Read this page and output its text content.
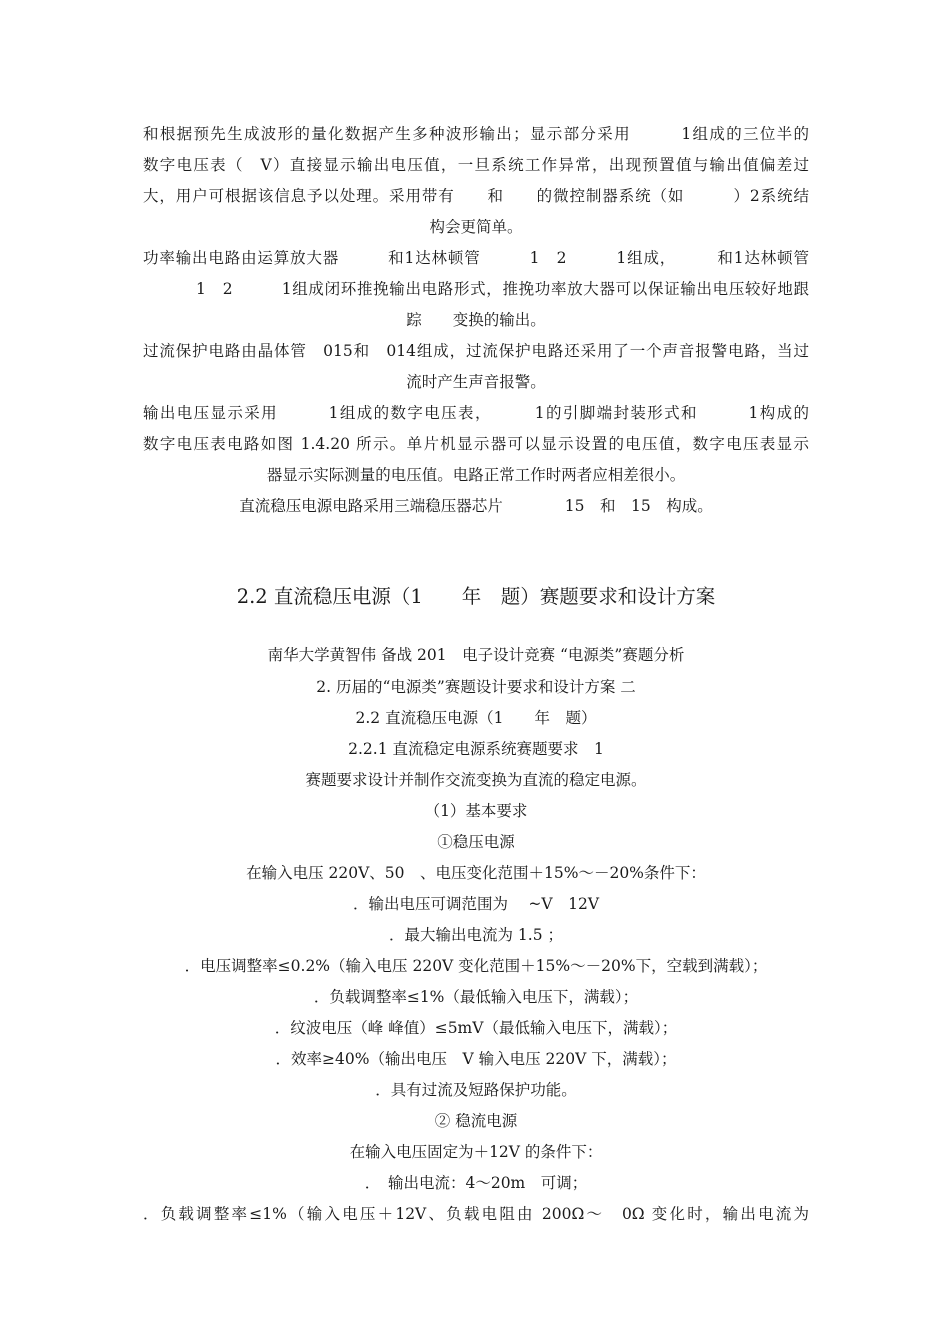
和根据预先生成波形的量化数据产生多种波形输出；显示部分采用　　　1组成的三位半的
数字电压表（　V）直接显示输出电压值，一旦系统工作异常，出现预置值与输出值偏差过
大，用户可根据该信息予以处理。采用带有　　和　　的微控制器系统（如　　　）2系统结
构会更简单。
功率输出电路由运算放大器　　　和1达林顿管　　　1　2　　　1组成，　　　和1达林顿管
1　2　　　1组成闭环推挽输出电路形式，推挽功率放大器可以保证输出电压较好地跟
踪　　变换的输出。
过流保护电路由晶体管　015和　014组成，过流保护电路还采用了一个声音报警电路，当过
流时产生声音报警。
输出电压显示采用　　　1组成的数字电压表，　　　1的引脚端封装形式和　　　1构成的
数字电压表电路如图 1.4.20 所示。单片机显示器可以显示设置的电压值，数字电压表显示
器显示实际测量的电压值。电路正常工作时两者应相差很小。
直流稳压电源电路采用三端稳压器芯片　　　　15　和　15　构成。
2.2 直流稳压电源（1　　年　题）赛题要求和设计方案
南华大学黄智伟 备战 201　电子设计竞赛 “电源类”赛题分析
2. 历届的“电源类”赛题设计要求和设计方案 二
2.2 直流稳压电源（1　　年　题）
2.2.1 直流稳定电源系统赛题要求　1
赛题要求设计并制作交流变换为直流的稳定电源。
（1）基本要求
①稳压电源
在输入电压 220V、50　、电压变化范围＋15%～－20%条件下：
．输出电压可调范围为　 ~V　12V
．最大输出电流为 1.5 ；
．电压调整率≤0.2%（输入电压 220V 变化范围＋15%～－20%下，空载到满载）；
．负载调整率≤1%（最低输入电压下，满载）；
．纹波电压（峰 峰值）≤5mV（最低输入电压下，满载）；
．效率≥40%（输出电压　V 输入电压 220V 下，满载）；
．具有过流及短路保护功能。
② 稳流电源
在输入电压固定为＋12V 的条件下：
．　输出电流：4～20m　可调；
．负载调整率≤1%（输入电压＋12V、负载电阻由 200Ω～　0Ω 变化时，输出电流为
